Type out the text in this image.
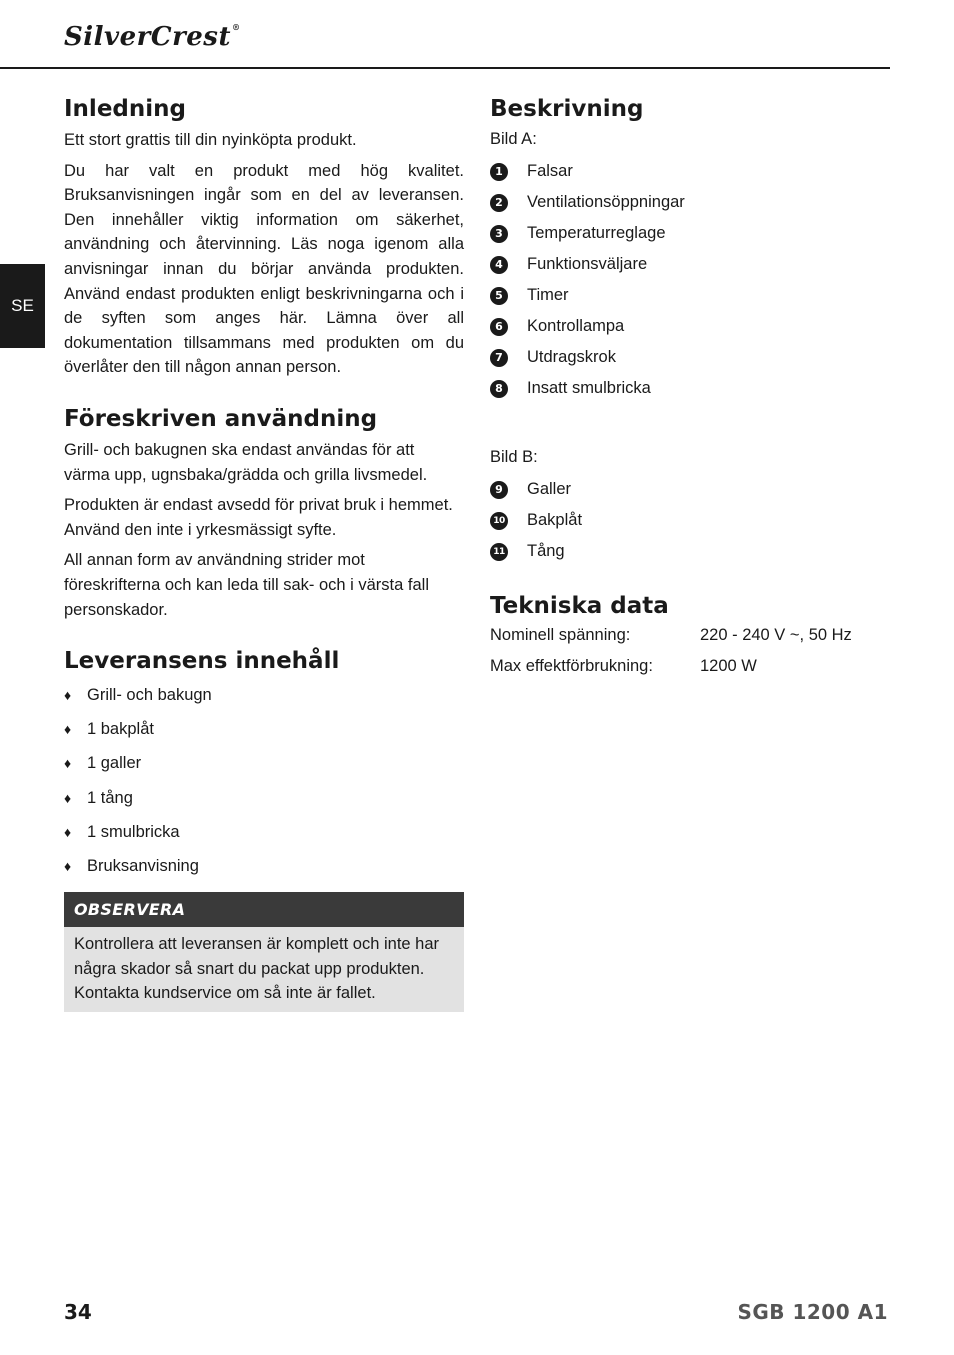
SilverCrest®
SE
Inledning

Ett stort grattis till din nyinköpta produkt.

Du har valt en produkt med hög kvalitet. Bruksanvisningen ingår som en del av leveransen. Den innehåller viktig information om säkerhet, användning och återvinning. Läs noga igenom alla anvisningar innan du börjar använda produkten. Använd endast produkten enligt beskrivningarna och i de syften som anges här. Lämna över all dokumentation tillsammans med produkten om du överlåter den till någon annan person.

Föreskriven användning

Grill- och bakugnen ska endast användas för att värma upp, ugnsbaka/grädda och grilla livsmedel.

Produkten är endast avsedd för privat bruk i hemmet. Använd den inte i yrkesmässigt syfte.

All annan form av användning strider mot föreskrifterna och kan leda till sak- och i värsta fall personskador.

Leveransens innehåll
♦ Grill- och bakugn
♦ 1 bakplåt
♦ 1 galler
♦ 1 tång
♦ 1 smulbricka
♦ Bruksanvisning
OBSERVERA
Kontrollera att leveransen är komplett och inte har några skador så snart du packat upp produkten. Kontakta kundservice om så inte är fallet.
Beskrivning
Bild A:
1	Falsar
2	Ventilationsöppningar
3	Temperaturreglage
4	Funktionsväljare
5	Timer
6	Kontrollampa
7	Utdragskrok
8	Insatt smulbricka
Bild B:
9	Galler
10 Bakplåt
11 Tång
Tekniska data
Nominell spänning:	220 - 240 V ~, 50 Hz
Max effektförbrukning:	1200 W
34	SGB 1200 A1
